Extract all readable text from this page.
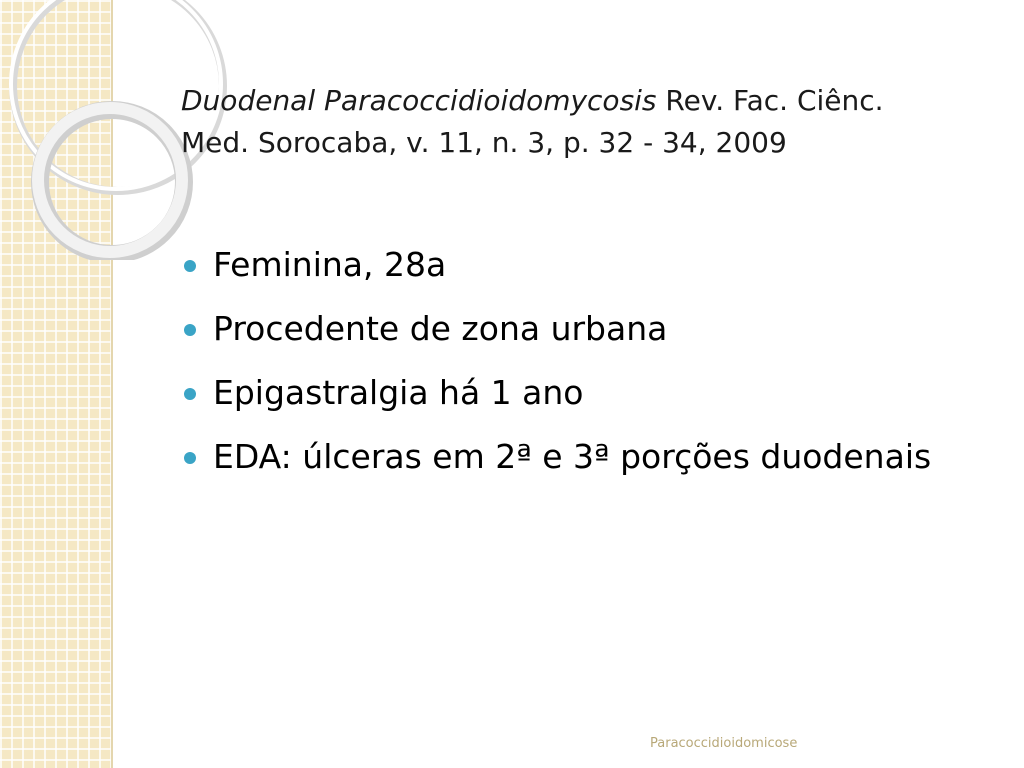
Duodenal Paracoccidioidomycosis Rev. Fac. Ciênc.
Med. Sorocaba, v. 11, n. 3, p. 32 - 34, 2009
Feminina, 28a
Procedente de zona urbana
Epigastralgia há 1 ano
EDA: úlceras em 2ª e 3ª porções duodenais
Paracoccidioidomicose
